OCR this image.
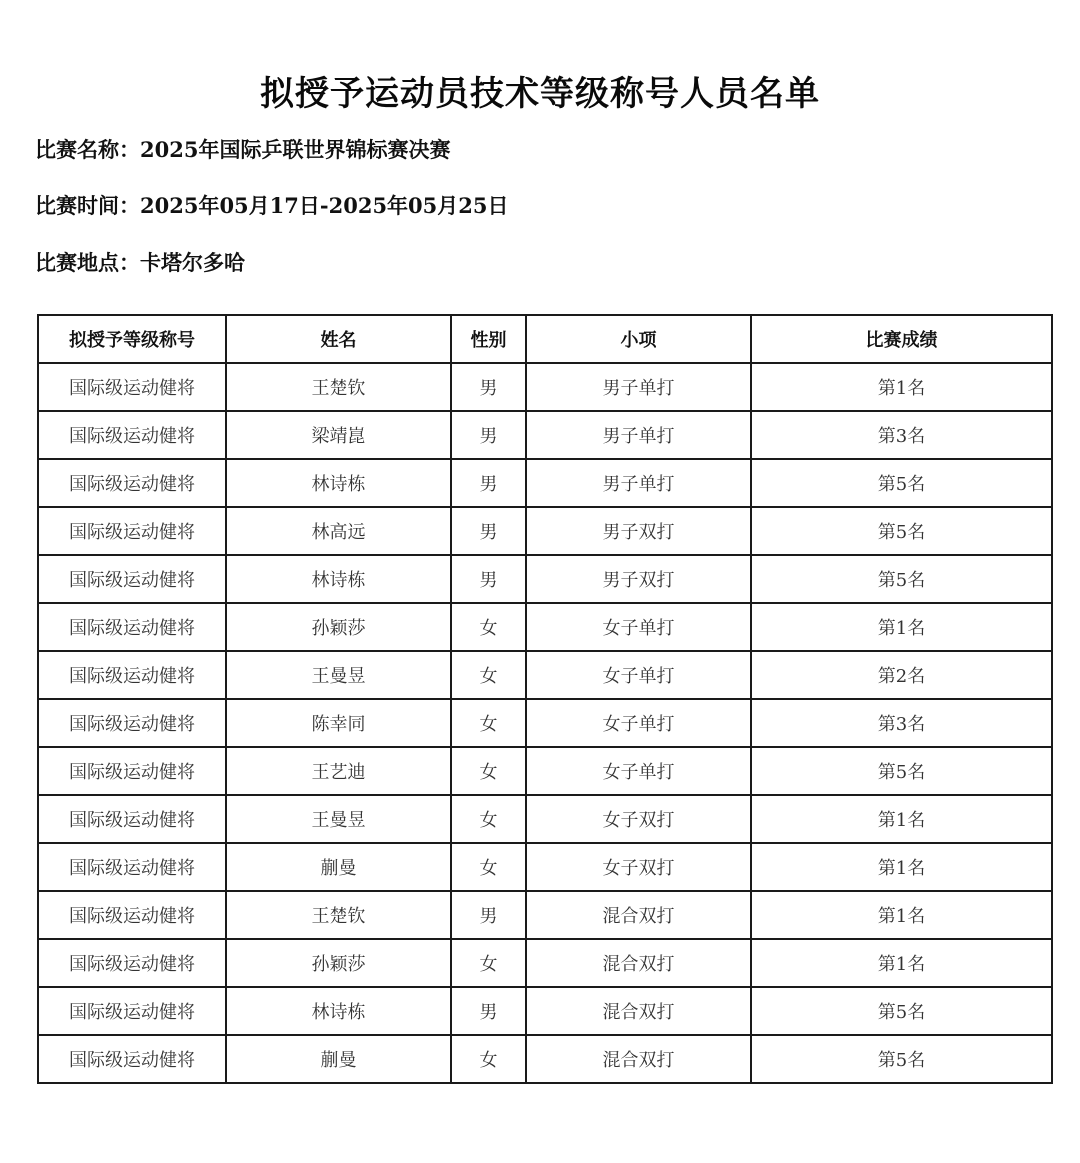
拟授予运动员技术等级称号人员名单
比赛名称：2025年国际乒联世界锦标赛决赛
比赛时间：2025年05月17日-2025年05月25日
比赛地点：卡塔尔多哈
拟授予等级称号	姓名	性别	小项	比赛成绩
国际级运动健将	王楚钦	男	男子单打	第1名
国际级运动健将	梁靖崑	男	男子单打	第3名
国际级运动健将	林诗栋	男	男子单打	第5名
国际级运动健将	林高远	男	男子双打	第5名
国际级运动健将	林诗栋	男	男子双打	第5名
国际级运动健将	孙颖莎	女	女子单打	第1名
国际级运动健将	王曼昱	女	女子单打	第2名
国际级运动健将	陈幸同	女	女子单打	第3名
国际级运动健将	王艺迪	女	女子单打	第5名
国际级运动健将	王曼昱	女	女子双打	第1名
国际级运动健将	蒯曼	女	女子双打	第1名
国际级运动健将	王楚钦	男	混合双打	第1名
国际级运动健将	孙颖莎	女	混合双打	第1名
国际级运动健将	林诗栋	男	混合双打	第5名
国际级运动健将	蒯曼	女	混合双打	第5名
